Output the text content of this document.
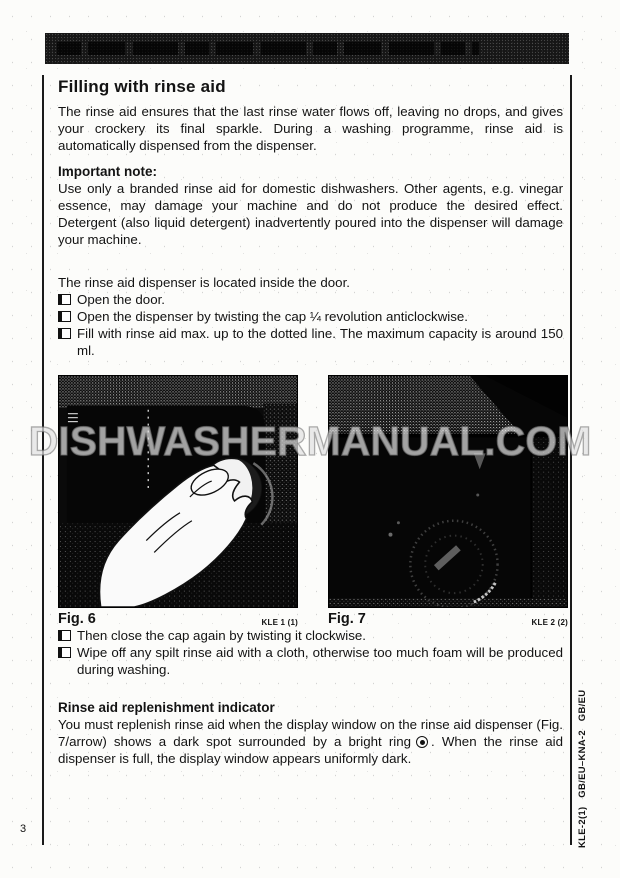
Filling with rinse aid

The rinse aid ensures that the last rinse water flows off, leaving no drops, and gives your crockery its final sparkle. During a washing programme, rinse aid is automatically dispensed from the dispenser.

Important note:

Use only a branded rinse aid for domestic dishwashers. Other agents, e.g. vinegar essence, may damage your machine and do not produce the desired effect. Detergent (also liquid detergent) inadvertently poured into the dispenser will damage your machine.

The rinse aid dispenser is located inside the door.

Open the door.
Open the dispenser by twisting the cap ¼ revolution anticlockwise.
Fill with rinse aid max. up to the dotted line. The maximum capacity is around 150 ml.
Fig. 6	KLE 1 (1) Fig. 7	KLE 2 (2)
Then close the cap again by twisting it clockwise.
Wipe off any spilt rinse aid with a cloth, otherwise too much foam will be produced during washing.
Rinse aid replenishment indicator

You must replenish rinse aid when the display window on the rinse aid dispenser (Fig. 7/arrow) shows a dark spot surrounded by a bright ring . When the rinse aid dispenser is full, the display window appears uniformly dark.

DISHWASHERMANUAL.COM
KLE-2(1)   GB/EU–KNA-2   GB/EU
3
